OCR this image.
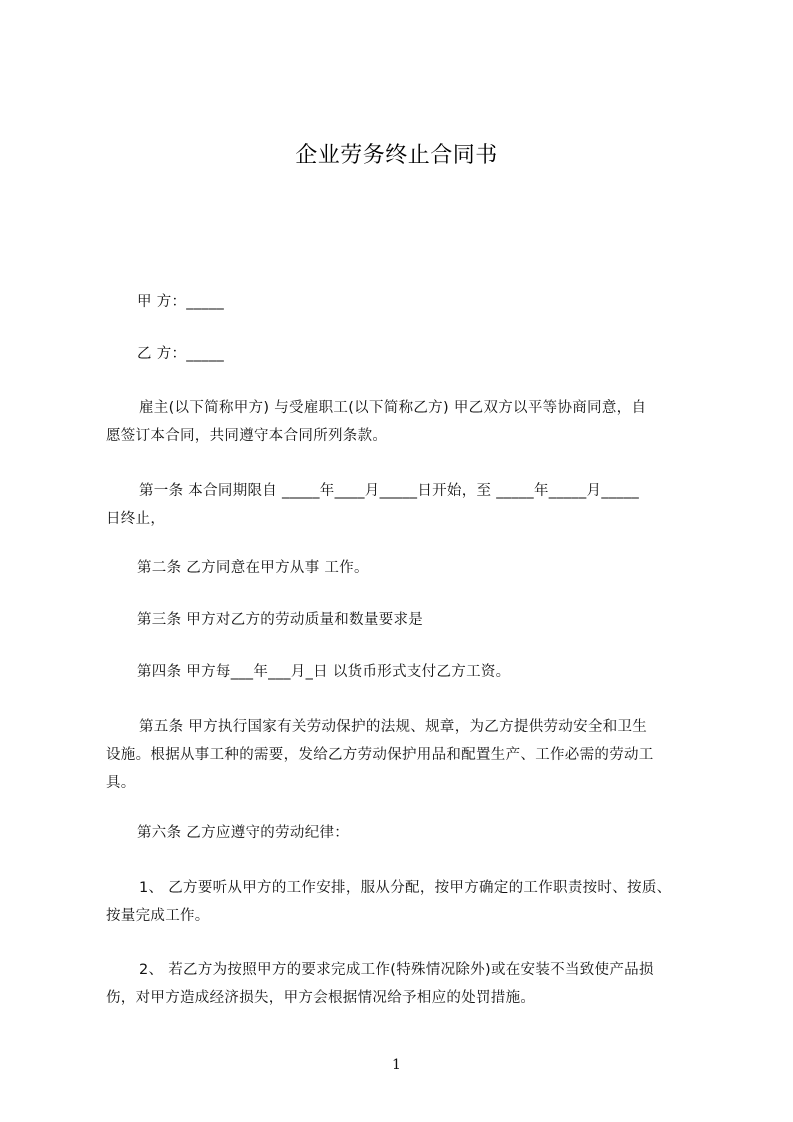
企业劳务终止合同书
甲 方：_____
乙 方：_____
雇主(以下简称甲方) 与受雇职工(以下简称乙方) 甲乙双方以平等协商同意，自
愿签订本合同，共同遵守本合同所列条款。
第一条 本合同期限自 _____年____月_____日开始，至 _____年_____月_____
日终止，
第二条 乙方同意在甲方从事 工作。
第三条 甲方对乙方的劳动质量和数量要求是
第四条 甲方每___年___月_日 以货币形式支付乙方工资。
第五条 甲方执行国家有关劳动保护的法规、规章，为乙方提供劳动安全和卫生
设施。根据从事工种的需要，发给乙方劳动保护用品和配置生产、工作必需的劳动工
具。
第六条 乙方应遵守的劳动纪律：
1、 乙方要听从甲方的工作安排，服从分配，按甲方确定的工作职责按时、按质、
按量完成工作。
2、 若乙方为按照甲方的要求完成工作(特殊情况除外)或在安装不当致使产品损
伤，对甲方造成经济损失，甲方会根据情况给予相应的处罚措施。
1
